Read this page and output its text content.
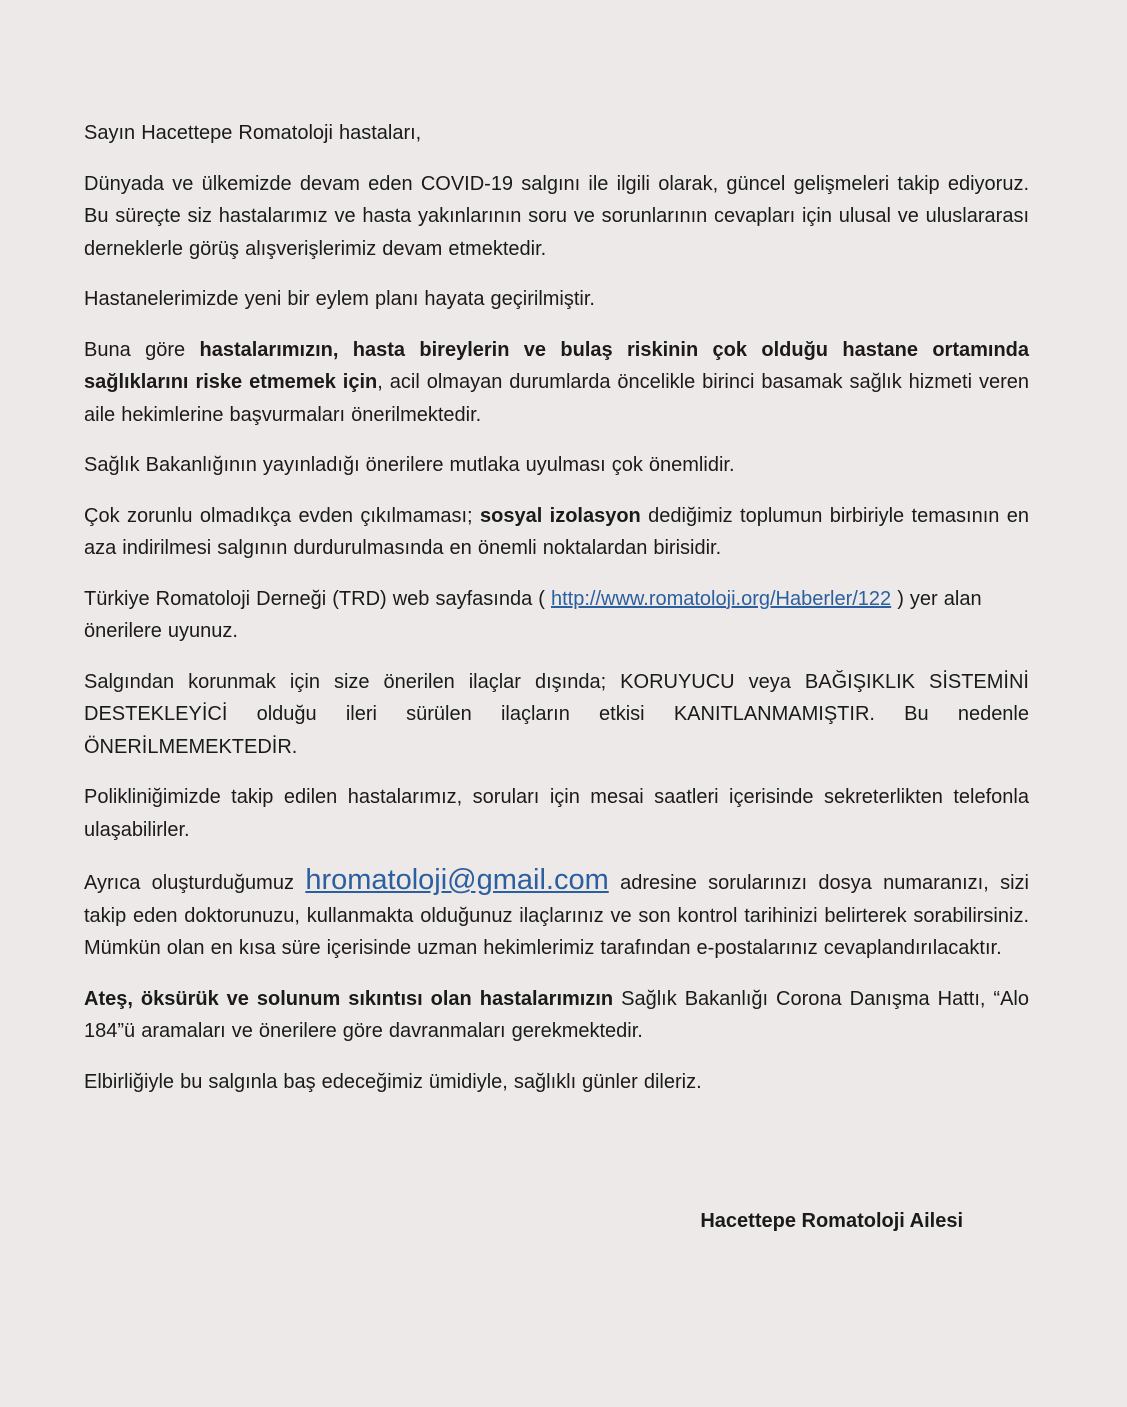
Sayın Hacettepe Romatoloji hastaları,

Dünyada ve ülkemizde devam eden COVID-19 salgını ile ilgili olarak, güncel gelişmeleri takip ediyoruz. Bu süreçte siz hastalarımız ve hasta yakınlarının soru ve sorunlarının cevapları için ulusal ve uluslararası derneklerle görüş alışverişlerimiz devam etmektedir.

Hastanelerimizde yeni bir eylem planı hayata geçirilmiştir.

Buna göre hastalarımızın, hasta bireylerin ve bulaş riskinin çok olduğu hastane ortamında sağlıklarını riske etmemek için, acil olmayan durumlarda öncelikle birinci basamak sağlık hizmeti veren aile hekimlerine başvurmaları önerilmektedir.

Sağlık Bakanlığının yayınladığı önerilere mutlaka uyulması çok önemlidir.

Çok zorunlu olmadıkça evden çıkılmaması; sosyal izolasyon dediğimiz toplumun birbiriyle temasının en aza indirilmesi salgının durdurulmasında en önemli noktalardan birisidir.

Türkiye Romatoloji Derneği (TRD) web sayfasında ( http://www.romatoloji.org/Haberler/122 ) yer alan önerilere uyunuz.

Salgından korunmak için size önerilen ilaçlar dışında; KORUYUCU veya BAĞIŞIKLIK SİSTEMİNİ DESTEKLEYİCİ olduğu ileri sürülen ilaçların etkisi KANITLANMAMIŞTIR. Bu nedenle ÖNERİLMEMEKTEDİR.

Polikliniğimizde takip edilen hastalarımız, soruları için mesai saatleri içerisinde sekreterlikten telefonla ulaşabilirler.

Ayrıca oluşturduğumuz hromatoloji@gmail.com adresine sorularınızı dosya numaranızı, sizi takip eden doktorunuzu, kullanmakta olduğunuz ilaçlarınız ve son kontrol tarihinizi belirterek sorabilirsiniz. Mümkün olan en kısa süre içerisinde uzman hekimlerimiz tarafından e-postalarınız cevaplandırılacaktır.

Ateş, öksürük ve solunum sıkıntısı olan hastalarımızın Sağlık Bakanlığı Corona Danışma Hattı, “Alo 184”ü aramaları ve önerilere göre davranmaları gerekmektedir.

Elbirliğiyle bu salgınla baş edeceğimiz ümidiyle, sağlıklı günler dileriz.

Hacettepe Romatoloji Ailesi
